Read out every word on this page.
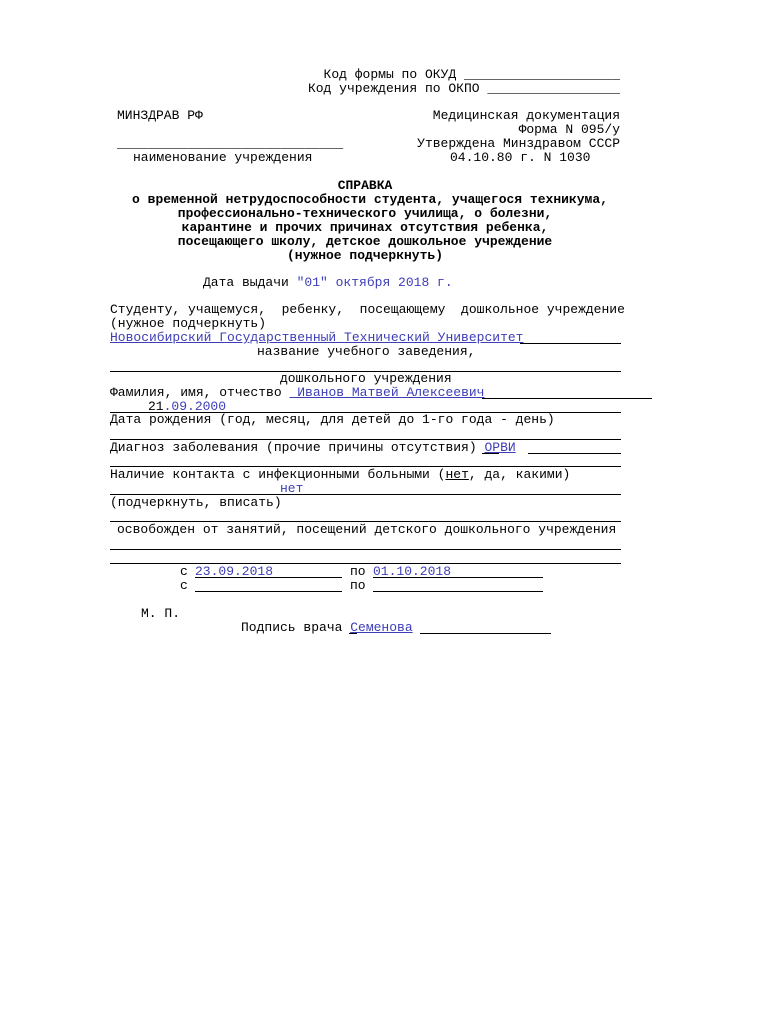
Код формы по ОКУД ____________________
Код учреждения по ОКПО _________________
МИНЗДРАВ РФ
_____________________________
наименование учреждения
Медицинская документация
Форма N 095/у
Утверждена Минздравом СССР
04.10.80 г. N 1030
СПРАВКА
о временной нетрудоспособности студента, учащегося техникума,
профессионально-технического училища, о болезни,
карантине и прочих причинах отсутствия ребенка,
посещающего школу, детское дошкольное учреждение
(нужное подчеркнуть)
Дата выдачи "01" октября 2018 г.
Студенту, учащемуся,  ребенку,  посещающему  дошкольное учреждение
(нужное подчеркнуть)
Новосибирский Государственный Технический Университет
название учебного заведения,
дошкольного учреждения
Фамилия, имя, отчество  Иванов Матвей Алексеевич
21.09.2000
Дата рождения (год, месяц, для детей до 1-го года - день)
Диагноз заболевания (прочие причины отсутствия) ОРВИ
Наличие контакта с инфекционными больными (нет, да, какими)
нет
(подчеркнуть, вписать)
освобожден от занятий, посещений детского дошкольного учреждения
с 23.09.2018	по 01.10.2018
с	по
М. П.
Подпись врача Семенова
